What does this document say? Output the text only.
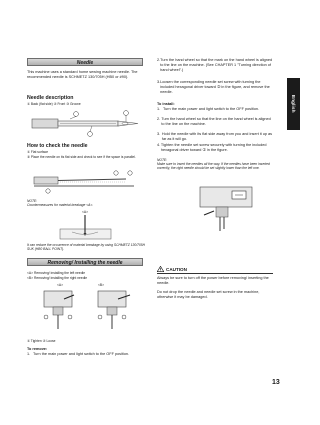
English
Needle
This machine uses a standard home sewing machine needle. The recommended needle is SCHMETZ 130/705H (HB0 or #90).
Needle description
① Back (flat side) ② Front ③ Groove
How to check the needle
① Flat surface
② Place the needle on its flat side and check to see if the space is parallel.
NOTE:
Countermeasures for material breakage <A>.
<A>
It can reduce the occurrence of material breakage by using SCHMETZ 130/705H SUK (HB0 BALL POINT).
Removing/ Installing the needle
<A> Removing/ installing the left needle
<B> Removing/ installing the right needle
<A>	<B>
① Tighten ② Loose
To remove:
1. Turn the main power and light switch to the OFF position.
2. Turn the hand wheel so that the mark on the hand wheel is aligned to the line on the machine. (See CHAPTER 1 "Turning direction of hand wheel".)
3. Loosen the corresponding needle set screw with turning the included hexagonal driver toward ② in the figure, and remove the needle.
To install:
1. Turn the main power and light switch to the OFF position.
2. Turn the hand wheel so that the line on the hand wheel is aligned to the line on the machine.
3. Hold the needle with its flat side away from you and insert it up as far as it will go.
4. Tighten the needle set screw securely with turning the included hexagonal driver toward ① in the figure.
NOTE:
Make sure to insert the needles all the way. If the needles have been inserted correctly, the right needle should be set slightly lower than the left one.
CAUTION
Always be sure to turn off the power before removing/ inserting the needle.
Do not drop the needle and needle set screw in the machine, otherwise it may be damaged.
13
